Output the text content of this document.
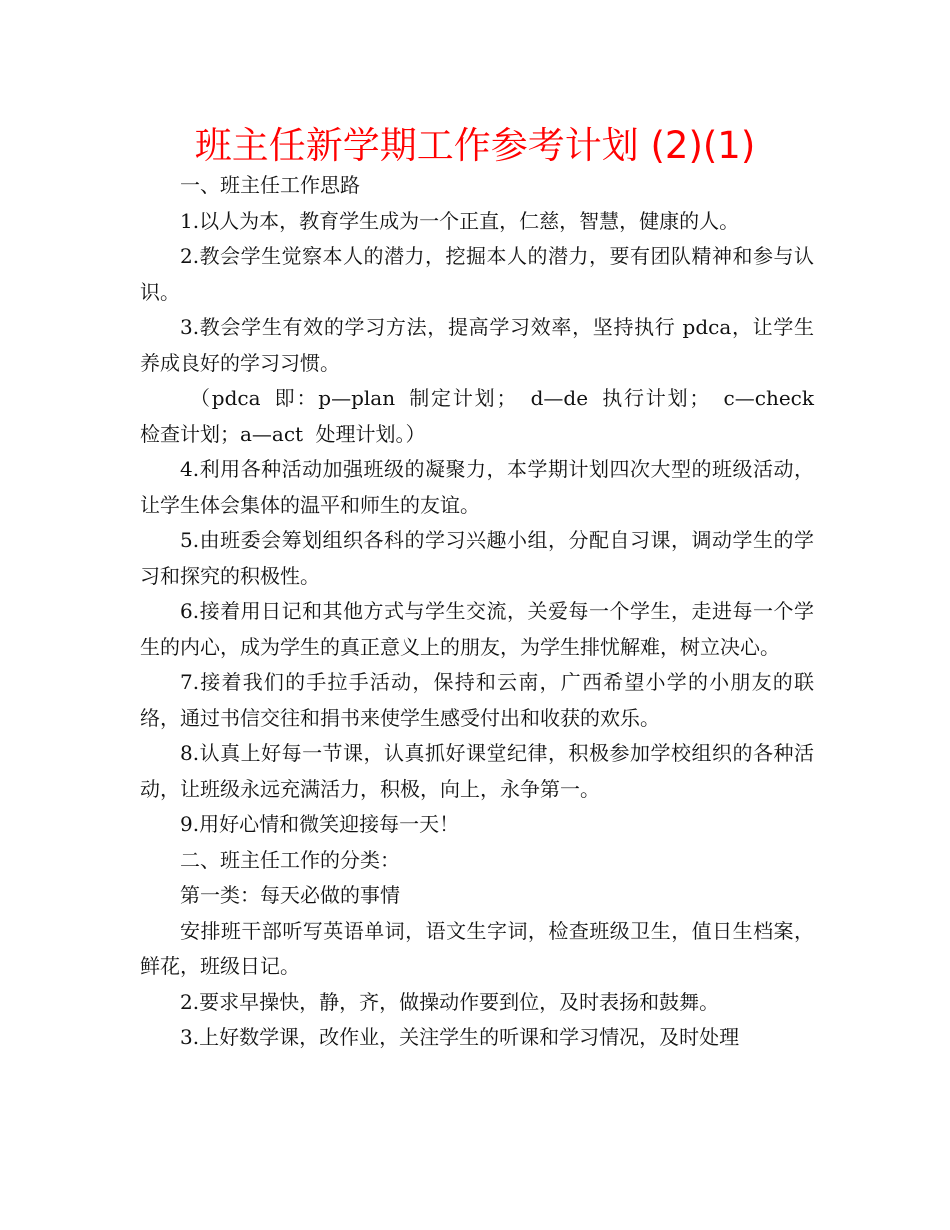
班主任新学期工作参考计划 (2)(1)

一、班主任工作思路

1.以人为本，教育学生成为一个正直，仁慈，智慧，健康的人。

2.教会学生觉察本人的潜力，挖掘本人的潜力，要有团队精神和参与认识。

3.教会学生有效的学习方法，提高学习效率，坚持执行 pdca，让学生养成良好的学习习惯。

（pdca 即：p—plan 制定计划； d—de 执行计划； c—check 检查计划；a—act 处理计划。）

4.利用各种活动加强班级的凝聚力，本学期计划四次大型的班级活动，让学生体会集体的温平和师生的友谊。

5.由班委会筹划组织各科的学习兴趣小组，分配自习课，调动学生的学习和探究的积极性。

6.接着用日记和其他方式与学生交流，关爱每一个学生，走进每一个学生的内心，成为学生的真正意义上的朋友，为学生排忧解难，树立决心。

7.接着我们的手拉手活动，保持和云南，广西希望小学的小朋友的联络，通过书信交往和捐书来使学生感受付出和收获的欢乐。

8.认真上好每一节课，认真抓好课堂纪律，积极参加学校组织的各种活动，让班级永远充满活力，积极，向上，永争第一。

9.用好心情和微笑迎接每一天！

二、班主任工作的分类：

第一类：每天必做的事情

安排班干部听写英语单词，语文生字词，检查班级卫生，值日生档案，鲜花，班级日记。

2.要求早操快，静，齐，做操动作要到位，及时表扬和鼓舞。

3.上好数学课，改作业，关注学生的听课和学习情况，及时处理
